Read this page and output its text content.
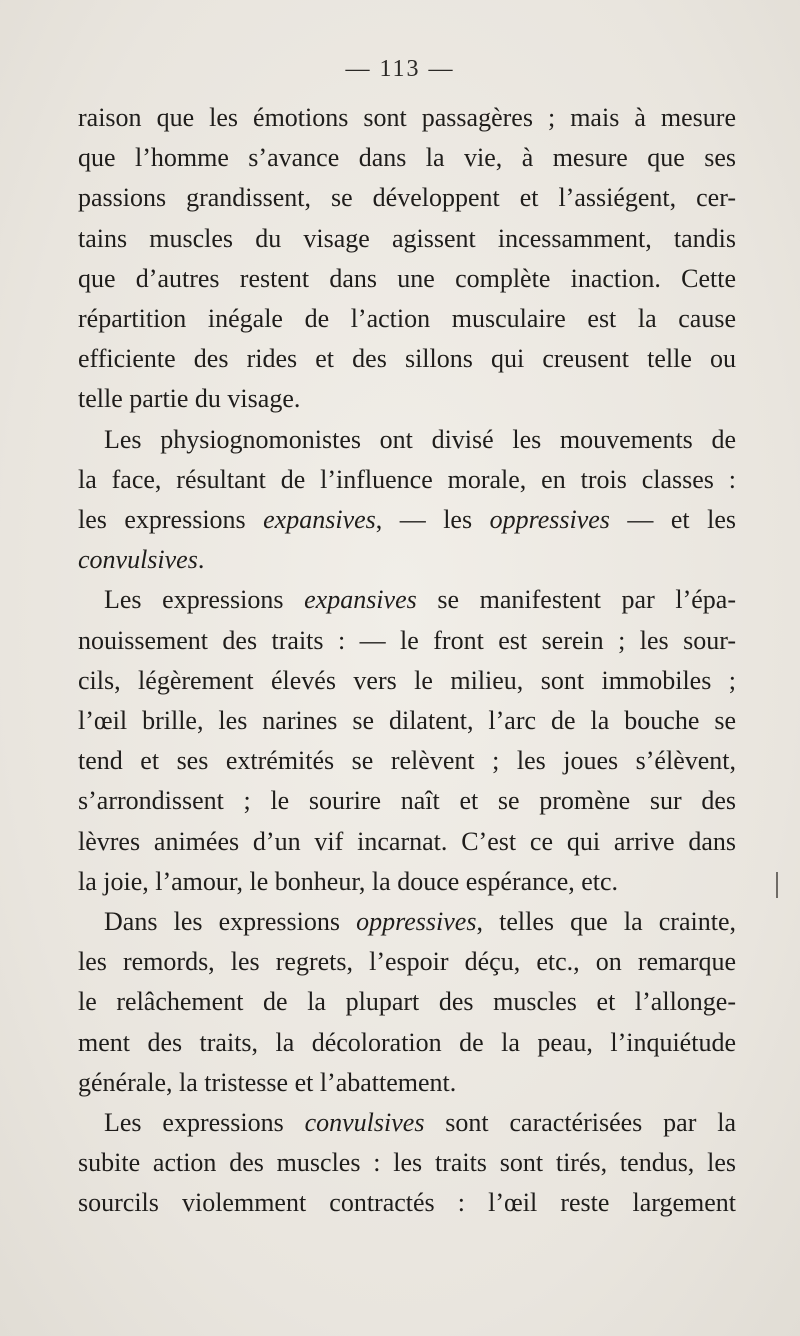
— 113 —

raison que les émotions sont passagères ; mais à mesure

que l’homme s’avance dans la vie, à mesure que ses

passions grandissent, se développent et l’assiégent, cer-

tains muscles du visage agissent incessamment, tandis

que d’autres restent dans une complète inaction. Cette

répartition inégale de l’action musculaire est la cause

efficiente des rides et des sillons qui creusent telle ou

telle partie du visage.

Les physiognomonistes ont divisé les mouvements de

la face, résultant de l’influence morale, en trois classes :

les expressions expansives, — les oppressives — et les

convulsives.

Les expressions expansives se manifestent par l’épa-

nouissement des traits : — le front est serein ; les sour-

cils, légèrement élevés vers le milieu, sont immobiles ;

l’œil brille, les narines se dilatent, l’arc de la bouche se

tend et ses extrémités se relèvent ; les joues s’élèvent,

s’arrondissent ; le sourire naît et se promène sur des

lèvres animées d’un vif incarnat. C’est ce qui arrive dans

la joie, l’amour, le bonheur, la douce espérance, etc.

Dans les expressions oppressives, telles que la crainte,

les remords, les regrets, l’espoir déçu, etc., on remarque

le relâchement de la plupart des muscles et l’allonge-

ment des traits, la décoloration de la peau, l’inquiétude

générale, la tristesse et l’abattement.

Les expressions convulsives sont caractérisées par la

subite action des muscles : les traits sont tirés, tendus, les

sourcils violemment contractés : l’œil reste largement
